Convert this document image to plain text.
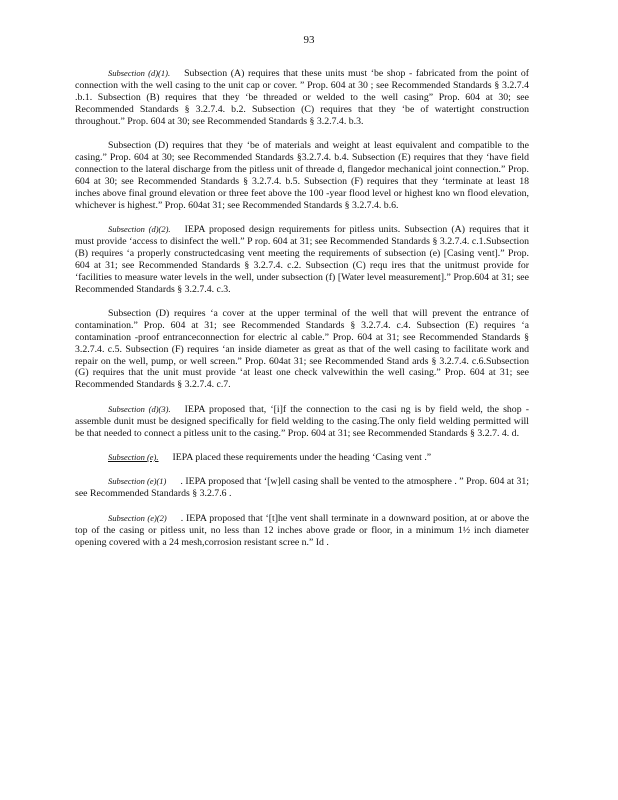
93

Subsection (d)(1). Subsection (A) requires that these units must ‘be shop - fabricated from the point of connection with the well casing to the unit cap or cover. ” Prop. 604 at 30 ; see Recommended Standards § 3.2.7.4 .b.1. Subsection (B) requires that they ‘be threaded or welded to the well casing” Prop. 604 at 30; see Recommended Standards § 3.2.7.4. b.2. Subsection (C) requires that they ‘be of watertight construction throughout.” Prop. 604 at 30; see Recommended Standards § 3.2.7.4. b.3.

Subsection (D) requires that they ‘be of materials and weight at least equivalent and compatible to the casing.” Prop. 604 at 30; see Recommended Standards §3.2.7.4. b.4. Subsection (E) requires that they ‘have field connection to the lateral discharge from the pitless unit of threade d, flangedor mechanical joint connection.” Prop. 604 at 30; see Recommended Standards § 3.2.7.4. b.5. Subsection (F) requires that they ‘terminate at least 18 inches above final ground elevation or three feet above the 100 -year flood level or highest kno wn flood elevation, whichever is highest.” Prop. 604at 31; see Recommended Standards § 3.2.7.4. b.6.

Subsection (d)(2). IEPA proposed design requirements for pitless units. Subsection (A) requires that it must provide ‘access to disinfect the well.” P rop. 604 at 31; see Recommended Standards § 3.2.7.4. c.1.Subsection (B) requires ‘a properly constructedcasing vent meeting the requirements of subsection (e) [Casing vent].” Prop. 604 at 31; see Recommended Standards § 3.2.7.4. c.2. Subsection (C) requ ires that the unitmust provide for ‘facilities to measure water levels in the well, under subsection (f) [Water level measurement].” Prop.604 at 31; see Recommended Standards § 3.2.7.4. c.3.

Subsection (D) requires ‘a cover at the upper terminal of the well that will prevent the entrance of contamination.” Prop. 604 at 31; see Recommended Standards § 3.2.7.4. c.4. Subsection (E) requires ‘a contamination -proof entranceconnection for electric al cable.” Prop. 604 at 31; see Recommended Standards § 3.2.7.4. c.5. Subsection (F) requires ‘an inside diameter as great as that of the well casing to facilitate work and repair on the well, pump, or well screen.” Prop. 604at 31; see Recommended Stand ards § 3.2.7.4. c.6.Subsection (G) requires that the unit must provide ‘at least one check valvewithin the well casing.” Prop. 604 at 31; see Recommended Standards § 3.2.7.4. c.7.

Subsection (d)(3). IEPA proposed that, ‘[i]f the connection to the casi ng is by field weld, the shop -assemble dunit must be designed specifically for field welding to the casing.The only field welding permitted will be that needed to connect a pitless unit to the casing.” Prop. 604 at 31; see Recommended Standards § 3.2.7. 4. d.

Subsection (e). IEPA placed these requirements under the heading ‘Casing vent .”

Subsection (e)(1) . IEPA proposed that ‘[w]ell casing shall be vented to the atmosphere . ” Prop. 604 at 31; see Recommended Standards § 3.2.7.6 .

Subsection (e)(2) . IEPA proposed that ‘[t]he vent shall terminate in a downward position, at or above the top of the casing or pitless unit, no less than 12 inches above grade or floor, in a minimum 1½ inch diameter opening covered with a 24 mesh,corrosion resistant scree n.” Id .
